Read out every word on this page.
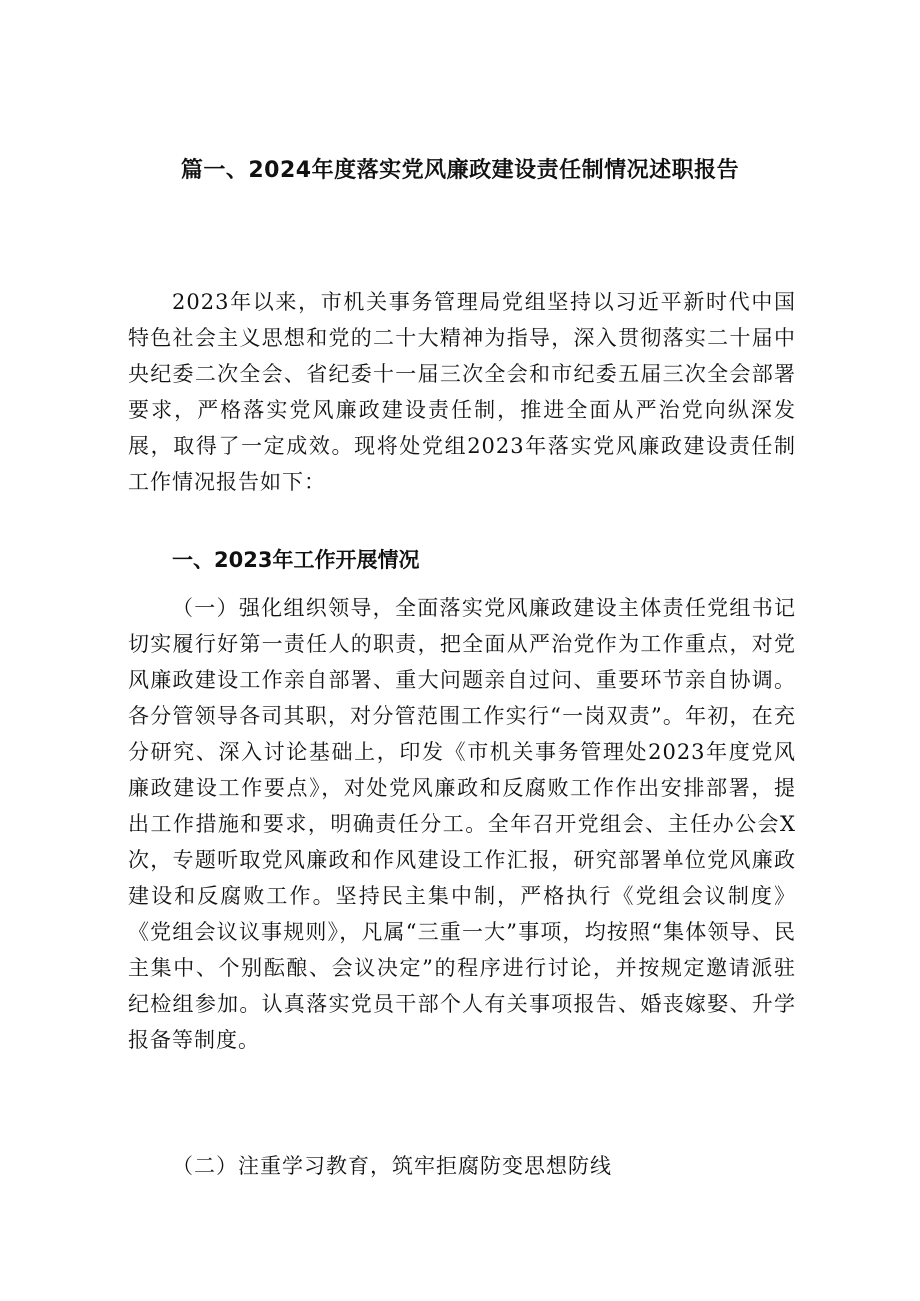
篇一、2024年度落实党风廉政建设责任制情况述职报告

2023年以来，市机关事务管理局党组坚持以习近平新时代中国特色社会主义思想和党的二十大精神为指导，深入贯彻落实二十届中央纪委二次全会、省纪委十一届三次全会和市纪委五届三次全会部署要求，严格落实党风廉政建设责任制，推进全面从严治党向纵深发展，取得了一定成效。现将处党组2023年落实党风廉政建设责任制工作情况报告如下：

一、2023年工作开展情况

（一）强化组织领导，全面落实党风廉政建设主体责任党组书记切实履行好第一责任人的职责，把全面从严治党作为工作重点，对党风廉政建设工作亲自部署、重大问题亲自过问、重要环节亲自协调。各分管领导各司其职，对分管范围工作实行“一岗双责”。年初，在充分研究、深入讨论基础上，印发《市机关事务管理处2023年度党风廉政建设工作要点》，对处党风廉政和反腐败工作作出安排部署，提出工作措施和要求，明确责任分工。全年召开党组会、主任办公会X次，专题听取党风廉政和作风建设工作汇报，研究部署单位党风廉政建设和反腐败工作。坚持民主集中制，严格执行《党组会议制度》《党组会议议事规则》，凡属“三重一大”事项，均按照“集体领导、民主集中、个别酝酿、会议决定”的程序进行讨论，并按规定邀请派驻纪检组参加。认真落实党员干部个人有关事项报告、婚丧嫁娶、升学报备等制度。

（二）注重学习教育，筑牢拒腐防变思想防线
